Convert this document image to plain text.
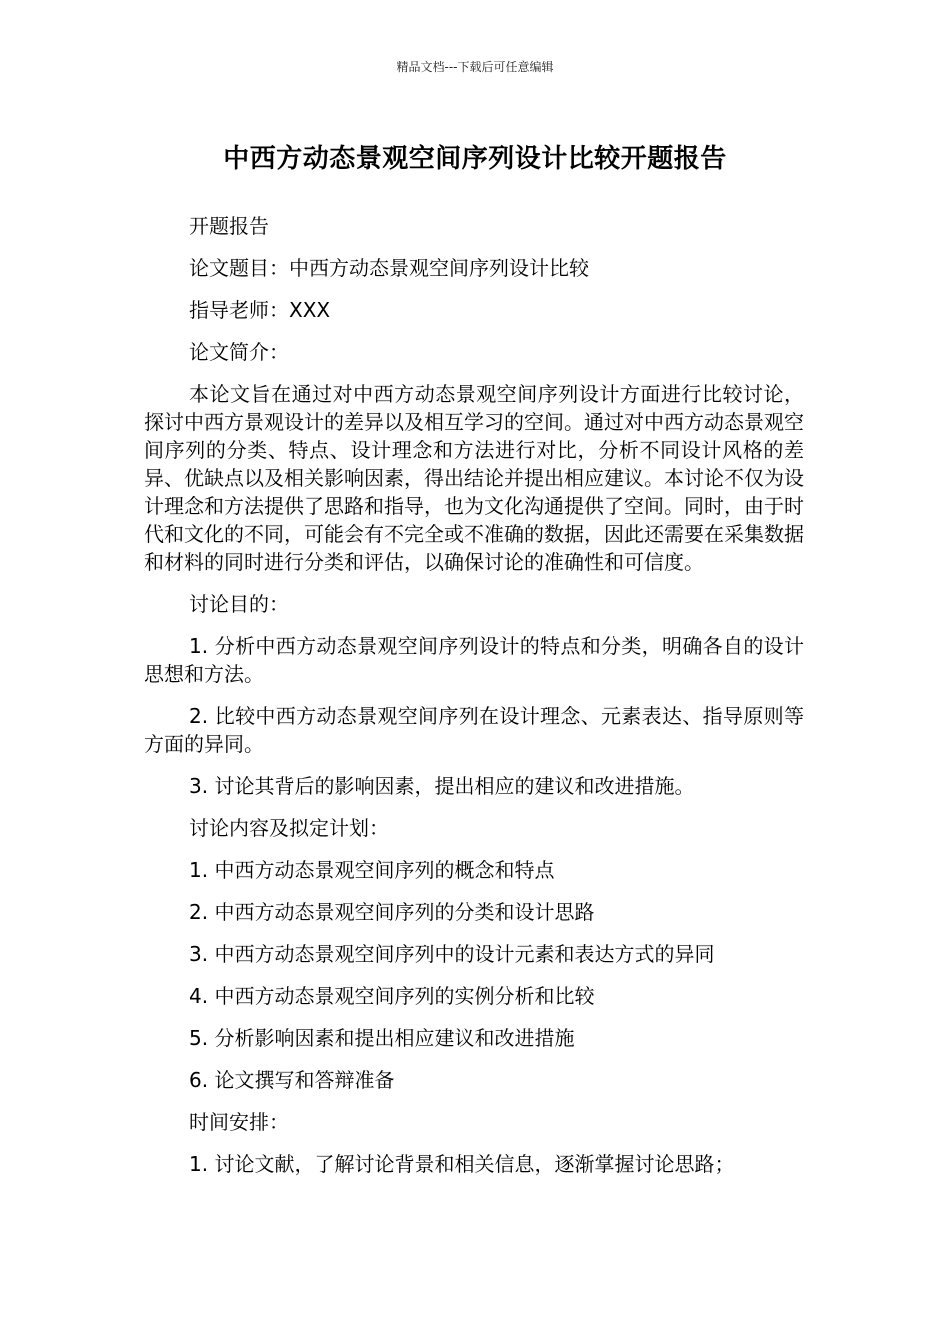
精品文档---下载后可任意编辑
中西方动态景观空间序列设计比较开题报告

开题报告

论文题目：中西方动态景观空间序列设计比较

指导老师：XXX

论文简介：

本论文旨在通过对中西方动态景观空间序列设计方面进行比较讨论，探讨中西方景观设计的差异以及相互学习的空间。通过对中西方动态景观空间序列的分类、特点、设计理念和方法进行对比，分析不同设计风格的差异、优缺点以及相关影响因素，得出结论并提出相应建议。本讨论不仅为设计理念和方法提供了思路和指导，也为文化沟通提供了空间。同时，由于时代和文化的不同，可能会有不完全或不准确的数据，因此还需要在采集数据和材料的同时进行分类和评估，以确保讨论的准确性和可信度。

讨论目的：

1. 分析中西方动态景观空间序列设计的特点和分类，明确各自的设计思想和方法。

2. 比较中西方动态景观空间序列在设计理念、元素表达、指导原则等方面的异同。

3. 讨论其背后的影响因素，提出相应的建议和改进措施。

讨论内容及拟定计划：

1. 中西方动态景观空间序列的概念和特点

2. 中西方动态景观空间序列的分类和设计思路

3. 中西方动态景观空间序列中的设计元素和表达方式的异同

4. 中西方动态景观空间序列的实例分析和比较

5. 分析影响因素和提出相应建议和改进措施

6. 论文撰写和答辩准备

时间安排：

1. 讨论文献，了解讨论背景和相关信息，逐渐掌握讨论思路；
